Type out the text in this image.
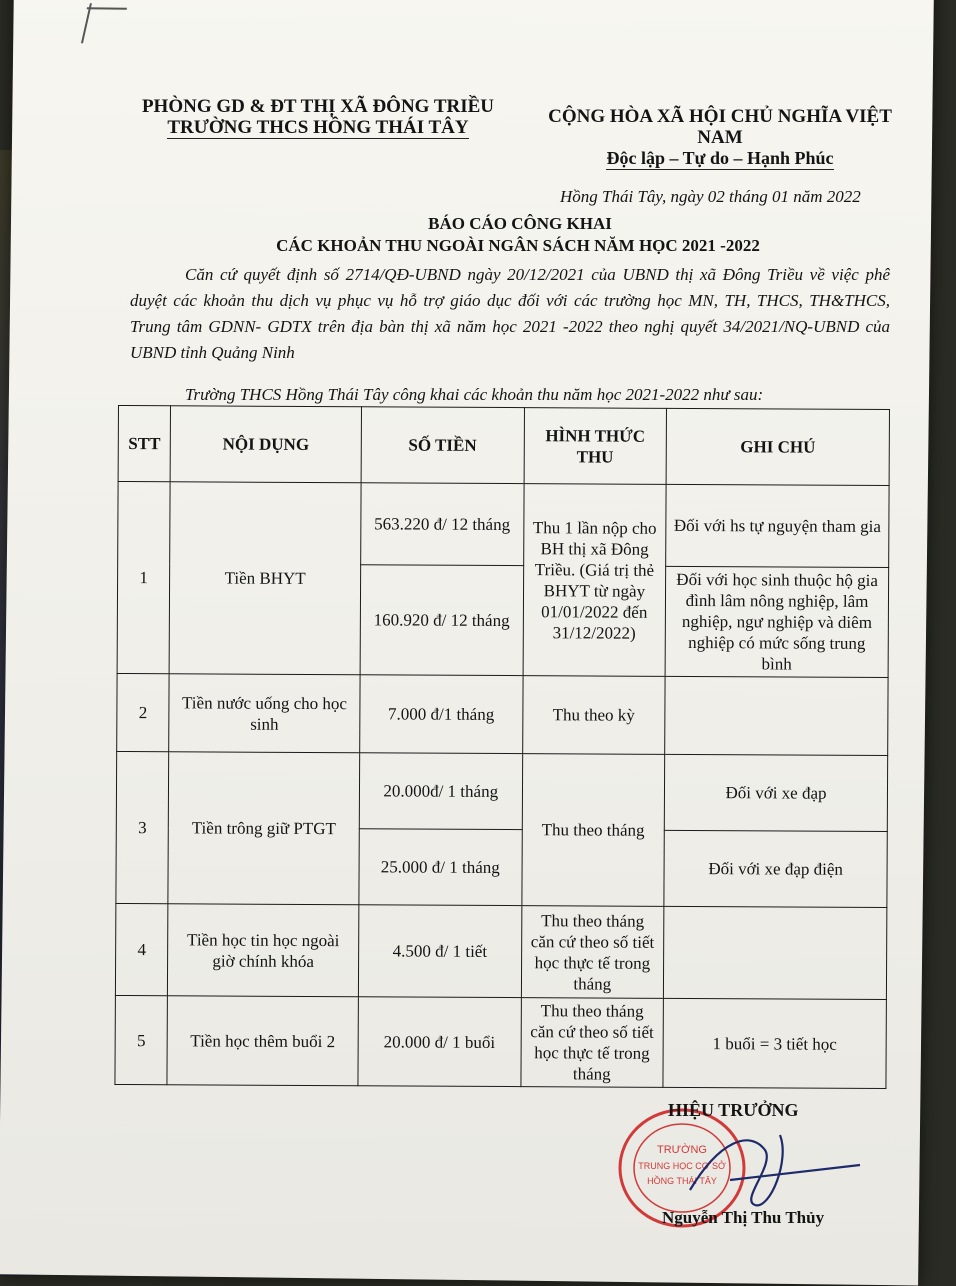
PHÒNG GD & ĐT THỊ XÃ ĐÔNG TRIỀU
TRƯỜNG THCS HỒNG THÁI TÂY
CỘNG HÒA XÃ HỘI CHỦ NGHĨA VIỆT NAM
Độc lập – Tự do – Hạnh Phúc
Hồng Thái Tây, ngày 02 tháng 01 năm 2022
BÁO CÁO CÔNG KHAI
CÁC KHOẢN THU NGOÀI NGÂN SÁCH NĂM HỌC 2021 -2022
Căn cứ quyết định số 2714/QĐ-UBND ngày 20/12/2021 của UBND thị xã Đông Triều về việc phê duyệt các khoản thu dịch vụ phục vụ hỗ trợ giáo dục đối với các trường học MN, TH, THCS, TH&THCS, Trung tâm GDNN- GDTX trên địa bàn thị xã năm học 2021 -2022 theo nghị quyết 34/2021/NQ-UBND của UBND tỉnh Quảng Ninh
Trường THCS Hồng Thái Tây công khai các khoản thu năm học 2021-2022 như sau:
STT	NỘI DỤNG	SỐ TIỀN	HÌNH THỨC THU	GHI CHÚ
1	Tiền BHYT	563.220 đ/ 12 tháng	Thu 1 lần nộp cho BH thị xã Đông Triều. (Giá trị thẻ BHYT từ ngày 01/01/2022 đến 31/12/2022)	Đối với hs tự nguyện tham gia
		160.920 đ/ 12 tháng		Đối với học sinh thuộc hộ gia đình lâm nông nghiệp, lâm nghiệp, ngư nghiệp và diêm nghiệp có mức sống trung bình
2	Tiền nước uống cho học sinh	7.000 đ/1 tháng	Thu theo kỳ	
3	Tiền trông giữ PTGT	20.000đ/ 1 tháng	Thu theo tháng	Đối với xe đạp
		25.000 đ/ 1 tháng		Đối với xe đạp điện
4	Tiền học tin học ngoài giờ chính khóa	4.500 đ/ 1 tiết	Thu theo tháng căn cứ theo số tiết học thực tế trong tháng	
5	Tiền học thêm buổi 2	20.000 đ/ 1 buổi	Thu theo tháng căn cứ theo số tiết học thực tế trong tháng	1 buổi = 3 tiết học
TRƯỜNG
TRUNG HỌC CƠ SỞ
HỒNG THÁI TÂY
HIỆU TRƯỞNG
Nguyễn Thị Thu Thủy
